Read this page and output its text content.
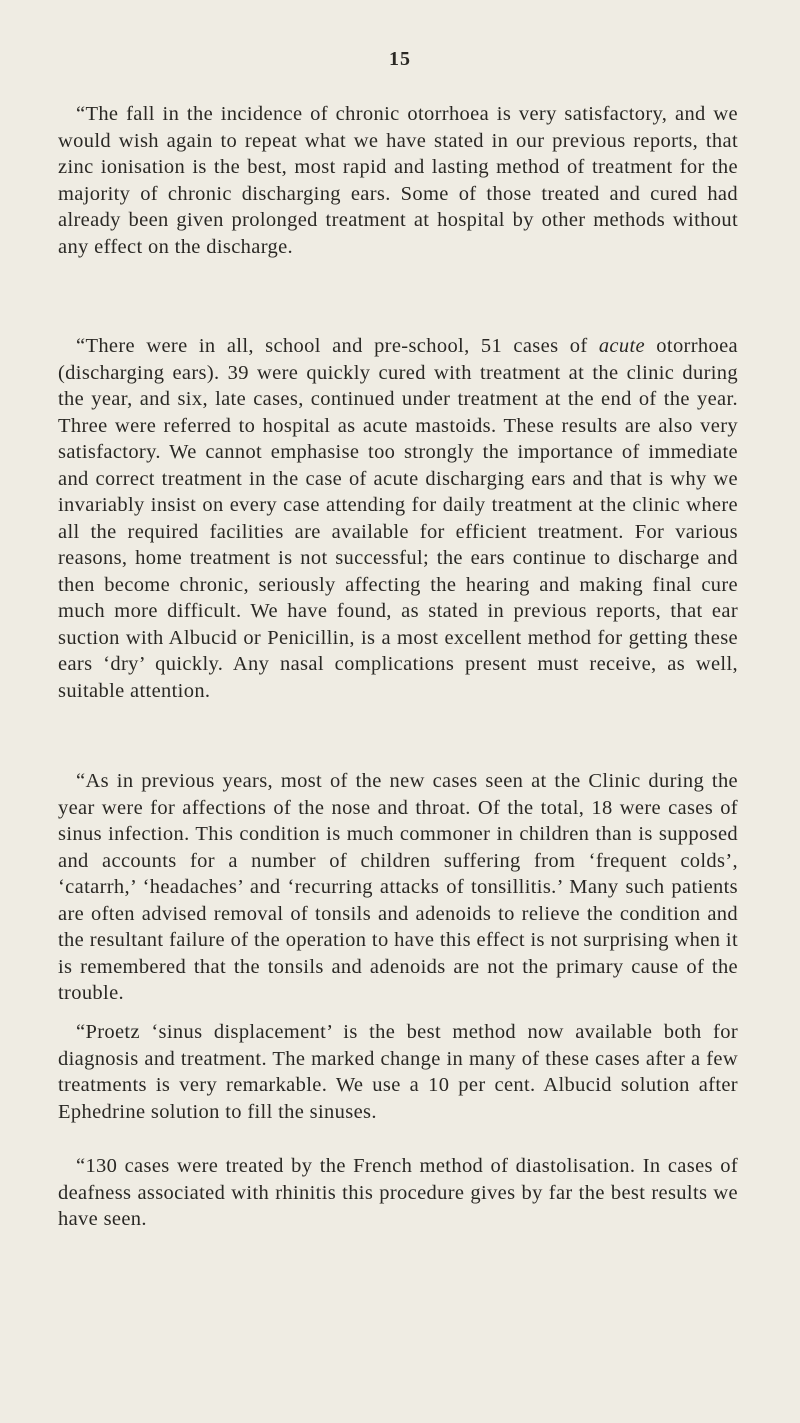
15

“The fall in the incidence of chronic otorrhoea is very satisfactory, and we would wish again to repeat what we have stated in our previous reports, that zinc ionisation is the best, most rapid and lasting method of treatment for the majority of chronic discharging ears. Some of those treated and cured had already been given prolonged treatment at hospital by other methods without any effect on the discharge.

“There were in all, school and pre-school, 51 cases of acute otorrhoea (discharging ears). 39 were quickly cured with treatment at the clinic during the year, and six, late cases, continued under treatment at the end of the year. Three were referred to hospital as acute mastoids. These results are also very satisfactory. We cannot emphasise too strongly the importance of immediate and correct treatment in the case of acute discharging ears and that is why we invariably insist on every case attending for daily treatment at the clinic where all the required facilities are available for efficient treatment. For various reasons, home treatment is not successful; the ears continue to discharge and then become chronic, seriously affecting the hearing and making final cure much more difficult. We have found, as stated in previous reports, that ear suction with Albucid or Penicillin, is a most excellent method for getting these ears ‘dry’ quickly. Any nasal complications present must receive, as well, suitable attention.

“As in previous years, most of the new cases seen at the Clinic during the year were for affections of the nose and throat. Of the total, 18 were cases of sinus infection. This condition is much commoner in children than is supposed and accounts for a number of children suffering from ‘frequent colds’, ‘catarrh,’ ‘headaches’ and ‘recurring attacks of tonsillitis.’ Many such patients are often advised removal of tonsils and adenoids to relieve the condition and the resultant failure of the operation to have this effect is not surprising when it is remembered that the tonsils and adenoids are not the primary cause of the trouble.

“Proetz ‘sinus displacement’ is the best method now available both for diagnosis and treatment. The marked change in many of these cases after a few treatments is very remarkable. We use a 10 per cent. Albucid solution after Ephedrine solution to fill the sinuses.

“130 cases were treated by the French method of diastolisation. In cases of deafness associated with rhinitis this procedure gives by far the best results we have seen.
